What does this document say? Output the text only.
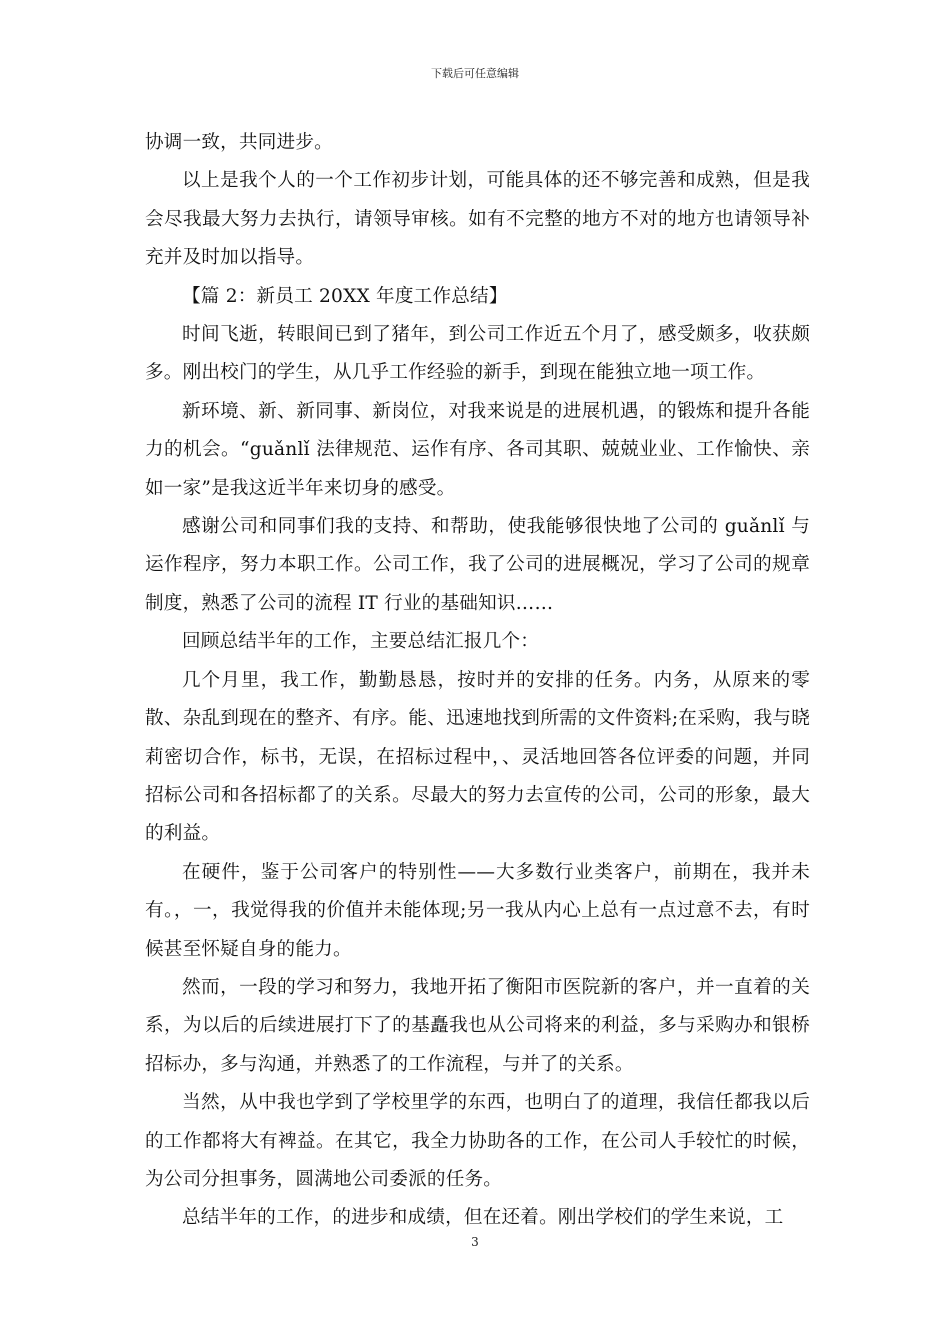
下载后可任意编辑

协调一致，共同进步。

以上是我个人的一个工作初步计划，可能具体的还不够完善和成熟，但是我会尽我最大努力去执行，请领导审核。如有不完整的地方不对的地方也请领导补充并及时加以指导。

【篇 2：新员工 20XX 年度工作总结】

时间飞逝，转眼间已到了猪年，到公司工作近五个月了，感受颇多，收获颇多。刚出校门的学生，从几乎工作经验的新手，到现在能独立地一项工作。

新环境、新、新同事、新岗位，对我来说是的进展机遇，的锻炼和提升各能力的机会。“guǎnlǐ 法律规范、运作有序、各司其职、兢兢业业、工作愉快、亲如一家”是我这近半年来切身的感受。

感谢公司和同事们我的支持、和帮助，使我能够很快地了公司的 guǎnlǐ 与运作程序，努力本职工作。公司工作，我了公司的进展概况，学习了公司的规章制度，熟悉了公司的流程 IT 行业的基础知识……

回顾总结半年的工作，主要总结汇报几个：

几个月里，我工作，勤勤恳恳，按时并的安排的任务。内务，从原来的零散、杂乱到现在的整齐、有序。能、迅速地找到所需的文件资料;在采购，我与晓莉密切合作，标书，无误，在招标过程中，、灵活地回答各位评委的问题，并同招标公司和各招标都了的关系。尽最大的努力去宣传的公司，公司的形象，最大的利益。

在硬件，鉴于公司客户的特别性——大多数行业类客户，前期在，我并未有。，一，我觉得我的价值并未能体现;另一我从内心上总有一点过意不去，有时候甚至怀疑自身的能力。

然而，一段的学习和努力，我地开拓了衡阳市医院新的客户，并一直着的关系，为以后的后续进展打下了的基矗我也从公司将来的利益，多与采购办和银桥招标办，多与沟通，并熟悉了的工作流程，与并了的关系。

当然，从中我也学到了学校里学的东西，也明白了的道理，我信任都我以后的工作都将大有裨益。在其它，我全力协助各的工作，在公司人手较忙的时候，为公司分担事务，圆满地公司委派的任务。

总结半年的工作，的进步和成绩，但在还着。刚出学校们的学生来说，工

3
